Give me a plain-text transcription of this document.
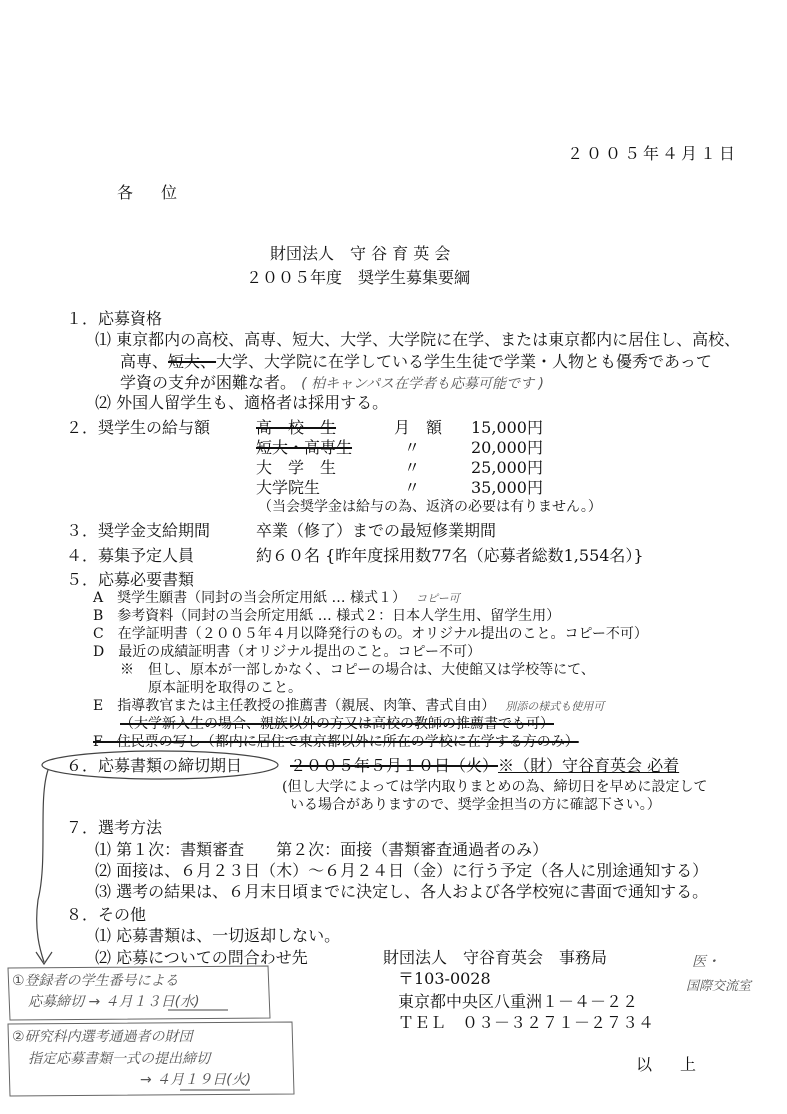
２００５年４月１日
各　位
財団法人　守 谷 育 英 会
２００５年度　奨学生募集要綱
１．応募資格
⑴ 東京都内の高校、高専、短大、大学、大学院に在学、または東京都内に居住し、高校、
高専、短大、大学、大学院に在学している学生生徒で学業・人物とも優秀であって
学資の支弁が困難な者。 ( 柏キャンパス在学者も応募可能です )
⑵ 外国人留学生も、適格者は採用する。
２．奨学生の給与額	高　校　生	月　額 15,000円
短大・高専生	〃	20,000円
大　学　生	〃	25,000円
大学院生	〃	35,000円
（当会奨学金は給与の為、返済の必要は有りません。）
３．奨学金支給期間	卒業（修了）までの最短修業期間
４．募集予定人員	約６０名 {昨年度採用数77名（応募者総数1,554名）}
５．応募必要書類
A　奨学生願書（同封の当会所定用紙 … 様式１） コピー可
B　参考資料（同封の当会所定用紙 … 様式２：日本人学生用、留学生用）
C　在学証明書（２００５年４月以降発行のもの。オリジナル提出のこと。コピー不可）
D　最近の成績証明書（オリジナル提出のこと。コピー不可）
※　但し、原本が一部しかなく、コピーの場合は、大使館又は学校等にて、
原本証明を取得のこと。
E　指導教官または主任教授の推薦書（親展、肉筆、書式自由） 別添の様式も使用可
（大学新入生の場合、親族以外の方又は高校の教師の推薦書でも可）
F　住民票の写し（都内に居住で東京都以外に所在の学校に在学する方のみ）
６．応募書類の締切期日	２００５年５月１０日（火）※（財）守谷育英会 必着
(但し大学によっては学内取りまとめの為、締切日を早めに設定して
いる場合がありますので、奨学金担当の方に確認下さい。）
７．選考方法
⑴ 第１次：書類審査　　第２次：面接（書類審査通過者のみ）
⑵ 面接は、６月２３日（木）～６月２４日（金）に行う予定（各人に別途通知する）
⑶ 選考の結果は、６月末日頃までに決定し、各人および各学校宛に書面で通知する。
８．その他
⑴ 応募書類は、一切返却しない。
⑵ 応募についての問合わせ先	財団法人　守谷育英会　事務局
〒103-0028
東京都中央区八重洲１－４－２２
ＴＥＬ　０３－３２７１－２７３４
以　上
医・
国際交流室
①登録者の学生番号による
応募締切 → ４月１３日(水)
②研究科内選考通過者の財団
指定応募書類一式の提出締切
→ ４月１９日(火)
